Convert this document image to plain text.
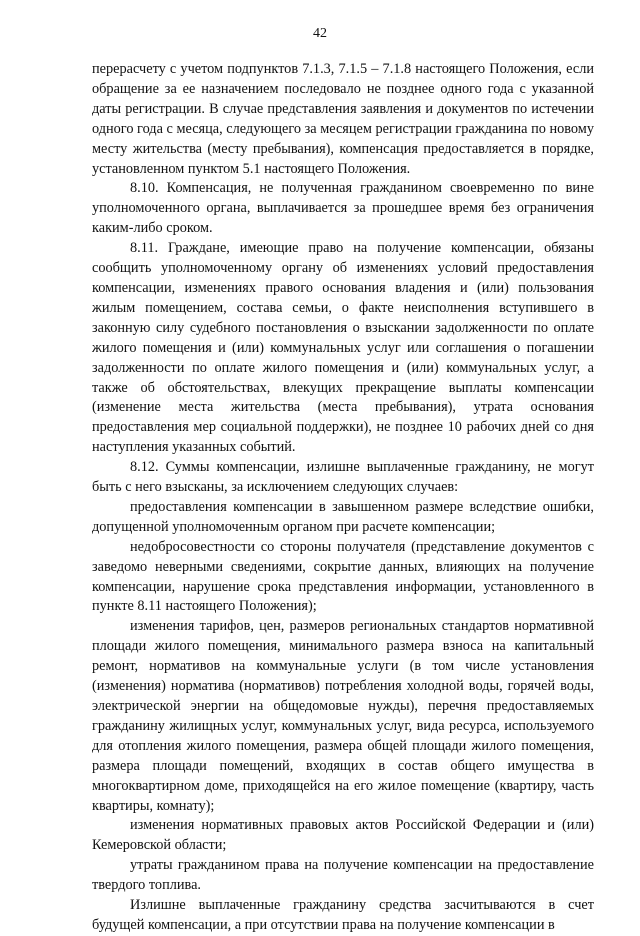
42

перерасчету с учетом подпунктов 7.1.3, 7.1.5 – 7.1.8 настоящего Положения, если обращение за ее назначением последовало не позднее одного года с указанной даты регистрации. В случае представления заявления и документов по истечении одного года с месяца, следующего за месяцем регистрации гражданина по новому месту жительства (месту пребывания), компенсация предоставляется в порядке, установленном пунктом 5.1 настоящего Положения.

8.10. Компенсация, не полученная гражданином своевременно по вине уполномоченного органа, выплачивается за прошедшее время без ограничения каким-либо сроком.

8.11. Граждане, имеющие право на получение компенсации, обязаны сообщить уполномоченному органу об изменениях условий предоставления компенсации, изменениях правого основания владения и (или) пользования жилым помещением, состава семьи, о факте неисполнения вступившего в законную силу судебного постановления о взыскании задолженности по оплате жилого помещения и (или) коммунальных услуг или соглашения о погашении задолженности по оплате жилого помещения и (или) коммунальных услуг, а также об обстоятельствах, влекущих прекращение выплаты компенсации (изменение места жительства (места пребывания), утрата основания предоставления мер социальной поддержки), не позднее 10 рабочих дней со дня наступления указанных событий.

8.12. Суммы компенсации, излишне выплаченные гражданину, не могут быть с него взысканы, за исключением следующих случаев:

предоставления компенсации в завышенном размере вследствие ошибки, допущенной уполномоченным органом при расчете компенсации;

недобросовестности со стороны получателя (представление документов с заведомо неверными сведениями, сокрытие данных, влияющих на получение компенсации, нарушение срока представления информации, установленного в пункте 8.11 настоящего Положения);

изменения тарифов, цен, размеров региональных стандартов нормативной площади жилого помещения, минимального размера взноса на капитальный ремонт, нормативов на коммунальные услуги (в том числе установления (изменения) норматива (нормативов) потребления холодной воды, горячей воды, электрической энергии на общедомовые нужды), перечня предоставляемых гражданину жилищных услуг, коммунальных услуг, вида ресурса, используемого для отопления жилого помещения, размера общей площади жилого помещения, размера площади помещений, входящих в состав общего имущества в многоквартирном доме, приходящейся на его жилое помещение (квартиру, часть квартиры, комнату);

изменения нормативных правовых актов Российской Федерации и (или) Кемеровской области;

утраты гражданином права на получение компенсации на предоставление твердого топлива.

Излишне выплаченные гражданину средства засчитываются в счет будущей компенсации, а при отсутствии права на получение компенсации в
